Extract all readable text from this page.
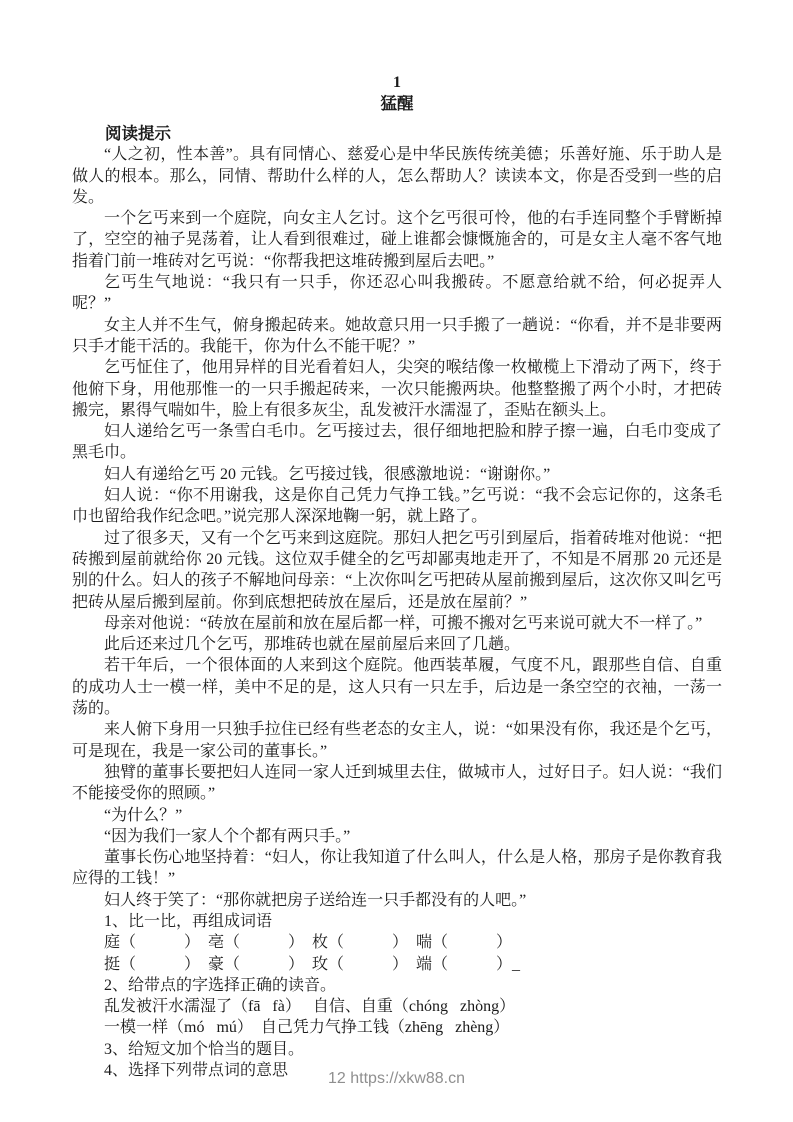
1
猛醒
阅读提示

“人之初，性本善”。具有同情心、慈爱心是中华民族传统美德；乐善好施、乐于助人是做人的根本。那么，同情、帮助什么样的人，怎么帮助人？读读本文，你是否受到一些的启发。

一个乞丐来到一个庭院，向女主人乞讨。这个乞丐很可怜，他的右手连同整个手臂断掉了，空空的袖子晃荡着，让人看到很难过，碰上谁都会慷慨施舍的，可是女主人毫不客气地指着门前一堆砖对乞丐说：“你帮我把这堆砖搬到屋后去吧。”

乞丐生气地说：“我只有一只手，你还忍心叫我搬砖。不愿意给就不给，何必捉弄人呢？”

女主人并不生气，俯身搬起砖来。她故意只用一只手搬了一趟说：“你看，并不是非要两只手才能干活的。我能干，你为什么不能干呢？”

乞丐怔住了，他用异样的目光看着妇人，尖突的喉结像一枚橄榄上下滑动了两下，终于他俯下身，用他那惟一的一只手搬起砖来，一次只能搬两块。他整整搬了两个小时，才把砖搬完，累得气喘如牛，脸上有很多灰尘，乱发被汗水濡湿了，歪贴在额头上。

妇人递给乞丐一条雪白毛巾。乞丐接过去，很仔细地把脸和脖子擦一遍，白毛巾变成了黑毛巾。

妇人有递给乞丐 20 元钱。乞丐接过钱，很感激地说：“谢谢你。”

妇人说：“你不用谢我，这是你自己凭力气挣工钱。”乞丐说：“我不会忘记你的，这条毛巾也留给我作纪念吧。”说完那人深深地鞠一躬，就上路了。

过了很多天，又有一个乞丐来到这庭院。那妇人把乞丐引到屋后，指着砖堆对他说：“把砖搬到屋前就给你 20 元钱。这位双手健全的乞丐却鄙夷地走开了，不知是不屑那 20 元还是别的什么。妇人的孩子不解地问母亲：“上次你叫乞丐把砖从屋前搬到屋后，这次你又叫乞丐把砖从屋后搬到屋前。你到底想把砖放在屋后，还是放在屋前？”

母亲对他说：“砖放在屋前和放在屋后都一样，可搬不搬对乞丐来说可就大不一样了。”

此后还来过几个乞丐，那堆砖也就在屋前屋后来回了几趟。

若干年后，一个很体面的人来到这个庭院。他西装革履，气度不凡，跟那些自信、自重的成功人士一模一样，美中不足的是，这人只有一只左手，后边是一条空空的衣袖，一荡一荡的。

来人俯下身用一只独手拉住已经有些老态的女主人，说：“如果没有你，我还是个乞丐，可是现在，我是一家公司的董事长。”

独臂的董事长要把妇人连同一家人迁到城里去住，做城市人，过好日子。妇人说：“我们不能接受你的照顾。”

“为什么？”

“因为我们一家人个个都有两只手。”

董事长伤心地坚持着：“妇人，你让我知道了什么叫人，什么是人格，那房子是你教育我应得的工钱！”

妇人终于笑了：“那你就把房子送给连一只手都没有的人吧。”

1、比一比，再组成词语

庭（　　　）　亳（　　　）　枚（　　　）　喘（　　　）

挺（　　　）　豪（　　　）　玫（　　　）　端（　　　）_

2、给带点的字选择正确的读音。

乱发被汗水濡湿了（fā   fà）　 自信、自重（chóng   zhòng）

一模一样（mó   mú）　自己凭力气挣工钱（zhēng   zhèng）

3、给短文加个恰当的题目。

4、选择下列带点词的意思	12 https://xkw88.cn
